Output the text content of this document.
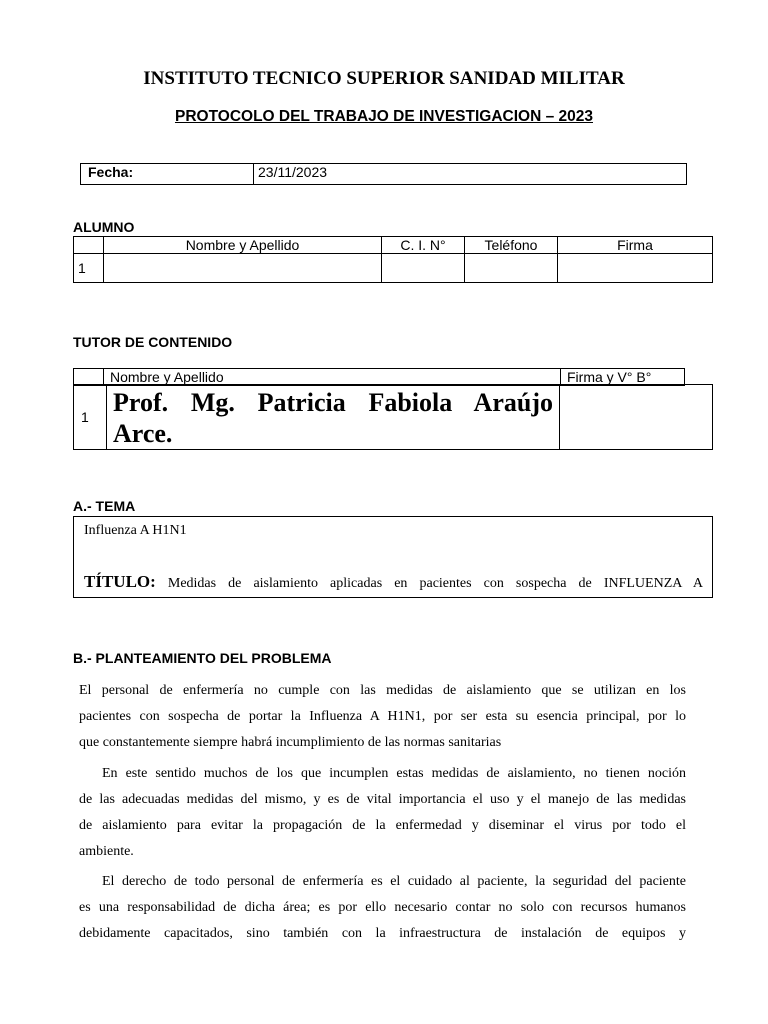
INSTITUTO TECNICO SUPERIOR SANIDAD MILITAR
PROTOCOLO DEL TRABAJO DE INVESTIGACION – 2023
Fecha:	23/11/2023
ALUMNO
	Nombre y Apellido	C. I. N°	Teléfono	Firma
1				
TUTOR DE CONTENIDO
	Nombre y Apellido	Firma y V° B°
1	Prof. Mg. Patricia Fabiola Araújo
Arce.

A.- TEMA
Influenza A H1N1
TÍTULO: Medidas de aislamiento aplicadas en pacientes con sospecha de INFLUENZA A
B.- PLANTEAMIENTO DEL PROBLEMA
El personal de enfermería no cumple con las medidas de aislamiento que se utilizan en los
pacientes con sospecha de portar la Influenza A H1N1, por ser esta su esencia principal, por lo
que constantemente siempre habrá incumplimiento de las normas sanitarias
En este sentido muchos de los que incumplen estas medidas de aislamiento, no tienen noción
de las adecuadas medidas del mismo, y es de vital importancia el uso y el manejo de las medidas
de aislamiento para evitar la propagación de la enfermedad y diseminar el virus por todo el
ambiente.
El derecho de todo personal de enfermería es el cuidado al paciente, la seguridad del paciente
es una responsabilidad de dicha área; es por ello necesario contar no solo con recursos humanos
debidamente capacitados, sino también con la infraestructura de instalación de equipos y
